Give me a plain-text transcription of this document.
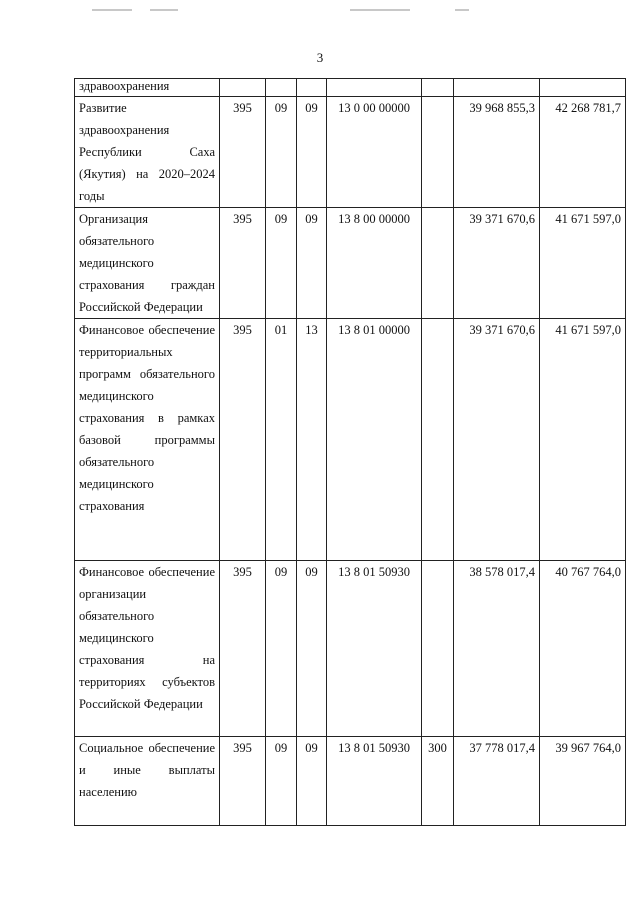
3
здравоохранения							
Развитие здравоохранения Республики Саха (Якутия) на 2020–2024 годы	395	09	09	13 0 00 00000		39 968 855,3	42 268 781,7
Организация обязательного медицинского страхования граждан Российской Федерации	395	09	09	13 8 00 00000		39 371 670,6	41 671 597,0
Финансовое обеспечение территориальных программ обязательного медицинского страхования в рамках базовой программы обязательного медицинского страхования	395	01	13	13 8 01 00000		39 371 670,6	41 671 597,0
Финансовое обеспечение организации обязательного медицинского страхования на территориях субъектов Российской Федерации	395	09	09	13 8 01 50930		38 578 017,4	40 767 764,0
Социальное обеспечение и иные выплаты населению	395	09	09	13 8 01 50930	300	37 778 017,4	39 967 764,0
